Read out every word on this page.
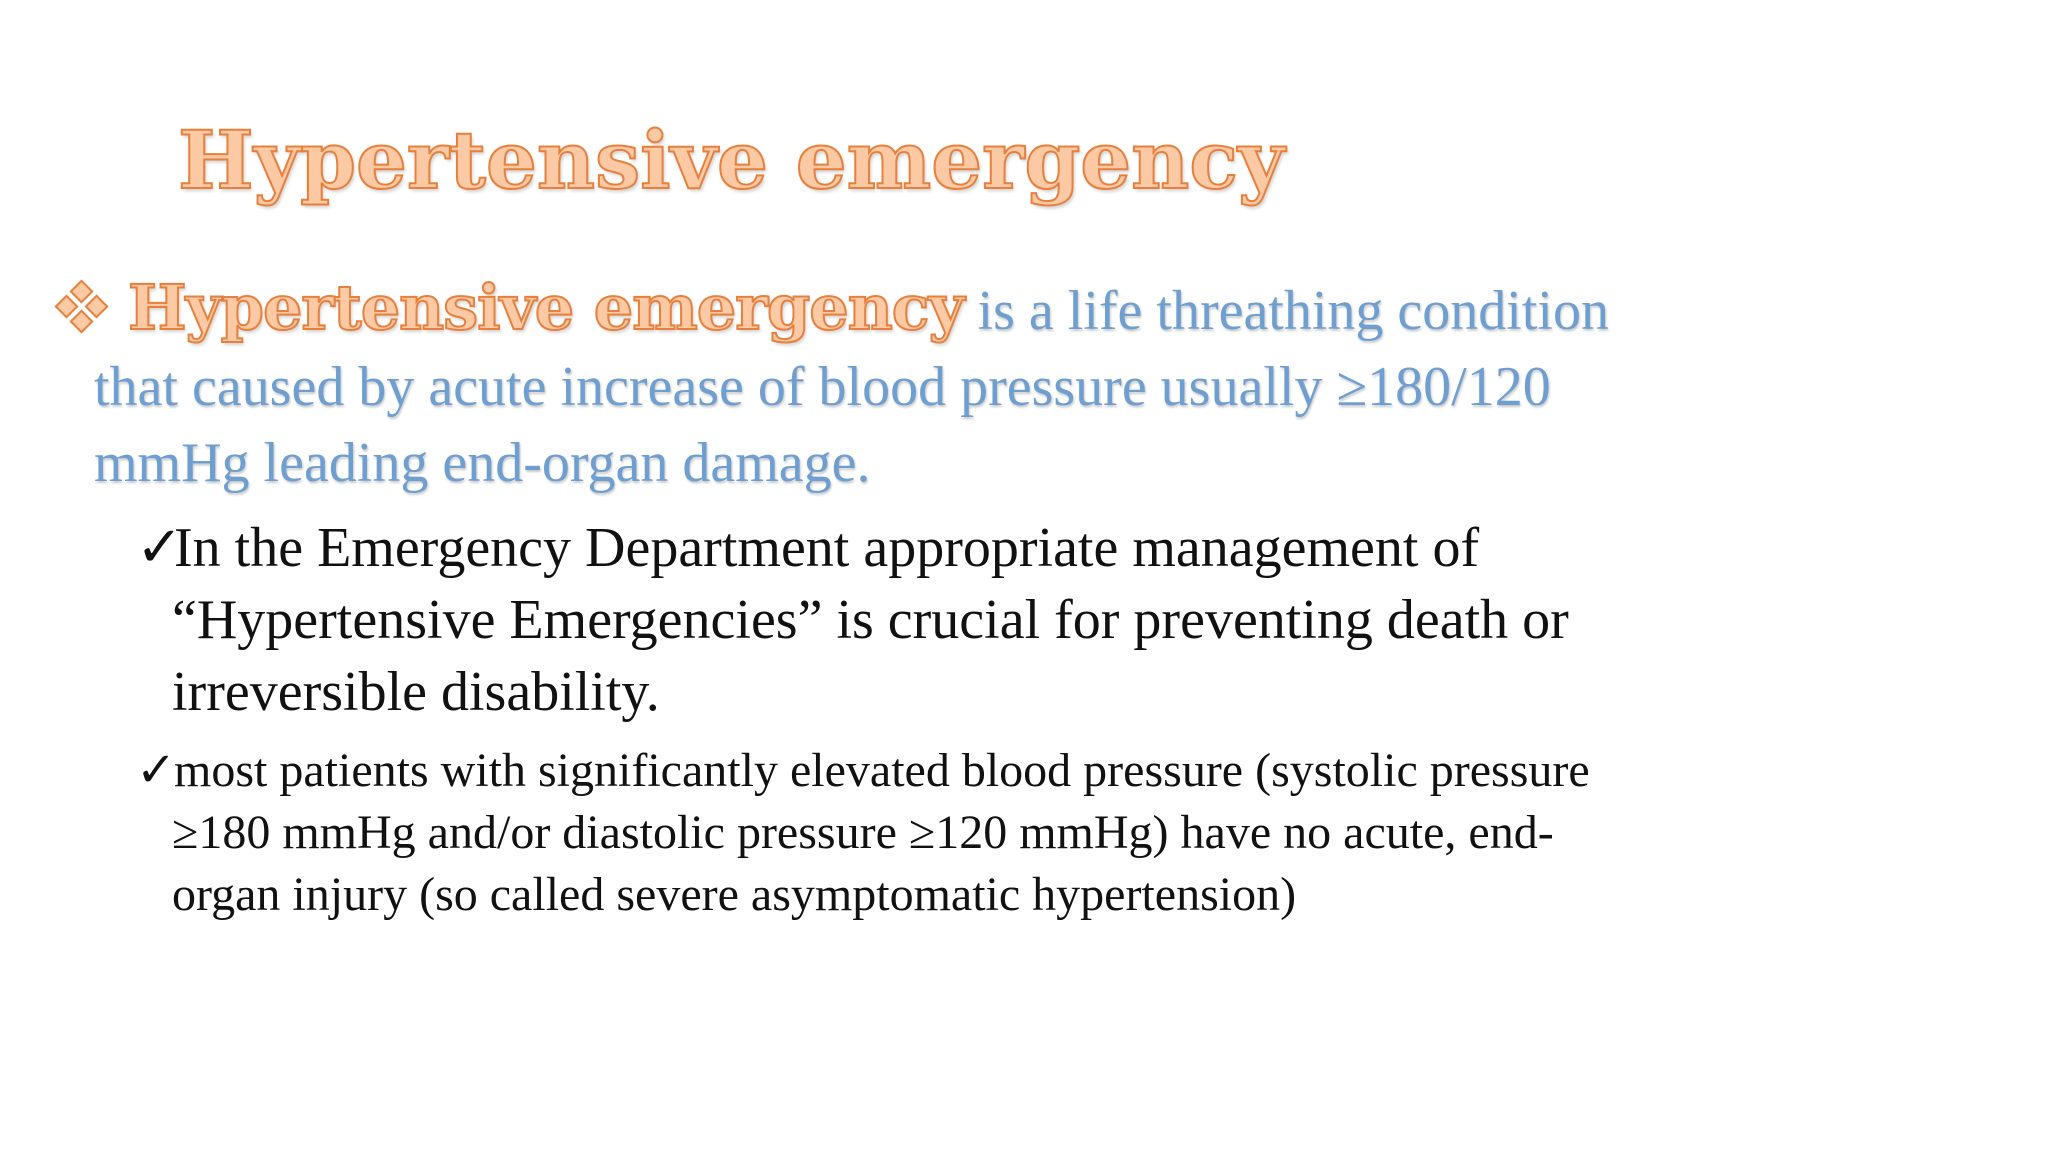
Hypertensive emergency
Hypertensive emergency is a life threathing condition
that caused by acute increase of blood pressure usually ≥180/120
mmHg leading end-organ damage.
✓In the Emergency Department appropriate management of
“Hypertensive Emergencies” is crucial for preventing death or
irreversible disability.
✓most patients with significantly elevated blood pressure (systolic pressure
≥180 mmHg and/or diastolic pressure ≥120 mmHg) have no acute, end-
organ injury (so called severe asymptomatic hypertension)
